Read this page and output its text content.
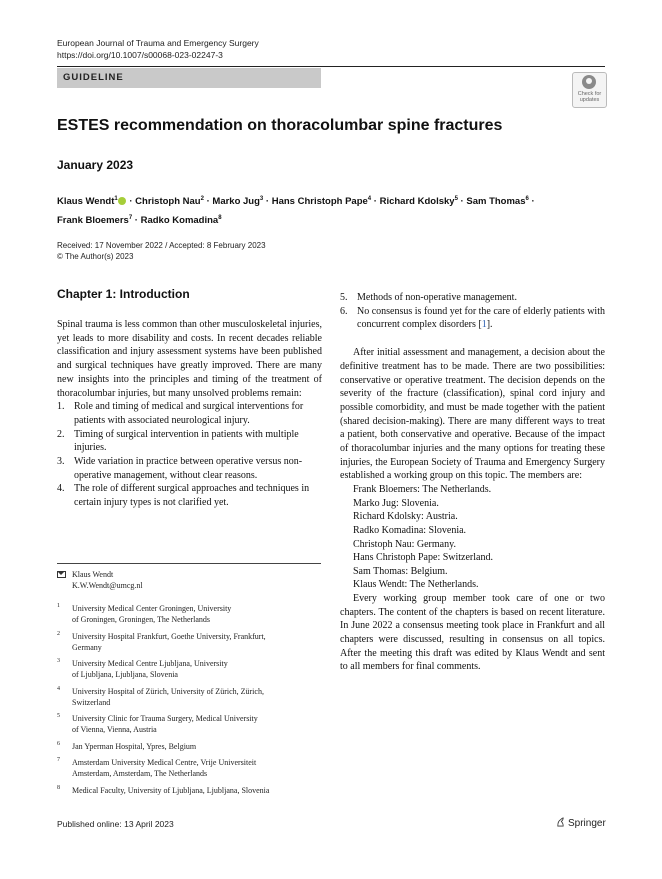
European Journal of Trauma and Emergency Surgery
https://doi.org/10.1007/s00068-023-02247-3
GUIDELINE
Check for
updates
ESTES recommendation on thoracolumbar spine fractures
January 2023
Klaus Wendt$^1$ · Christoph Nau$^2$ · Marko Jug$^3$ · Hans Christoph Pape$^4$ · Richard Kdolsky$^5$ · Sam Thomas$^6$ ·
Frank Bloemers$^7$ · Radko Komadina$^8$
Received: 17 November 2022 / Accepted: 8 February 2023
© The Author(s) 2023
Chapter 1: Introduction

Spinal trauma is less common than other musculoskeletal injuries, yet leads to more disability and costs. In recent decades reliable classification and injury assessment systems have been published and surgical techniques have greatly improved. There are many new insights into the principles and timing of the treatment of thoracolumbar injuries, but many unsolved problems remain:

1. Role and timing of medical and surgical interventions for patients with associated neurological injury.
2. Timing of surgical intervention in patients with multiple injuries.
3. Wide variation in practice between operative versus non-operative management, without clear reasons.
4. The role of different surgical approaches and techniques in certain injury types is not clarified yet.
5. Methods of non-operative management.
6. No consensus is found yet for the care of elderly patients with concurrent complex disorders [1].

After initial assessment and management, a decision about the definitive treatment has to be made. There are two possibilities: conservative or operative treatment. The decision depends on the severity of the fracture (classification), spinal cord injury and possible comorbidity, and must be made together with the patient (shared decision-making). There are many different ways to treat a patient, both conservative and operative. Because of the impact of thoracolumbar injuries and the many options for treating these injuries, the European Society of Trauma and Emergency Surgery established a working group on this topic. The members are:

Frank Bloemers: The Netherlands.
Marko Jug: Slovenia.
Richard Kdolsky: Austria.
Radko Komadina: Slovenia.
Christoph Nau: Germany.
Hans Christoph Pape: Switzerland.
Sam Thomas: Belgium.
Klaus Wendt: The Netherlands.

Every working group member took care of one or two chapters. The content of the chapters is based on recent literature. In June 2022 a consensus meeting took place in Frankfurt and all chapters were discussed, resulting in consensus on all topics. After the meeting this draft was edited by Klaus Wendt and sent to all members for final comments.

Klaus Wendt
K.W.Wendt@umcg.nl
1 University Medical Center Groningen, University
of Groningen, Groningen, The Netherlands
2 University Hospital Frankfurt, Goethe University, Frankfurt,
Germany
3 University Medical Centre Ljubljana, University
of Ljubljana, Ljubljana, Slovenia
4 University Hospital of Zürich, University of Zürich, Zürich,
Switzerland
5 University Clinic for Trauma Surgery, Medical University
of Vienna, Vienna, Austria
6 Jan Yperman Hospital, Ypres, Belgium
7 Amsterdam University Medical Centre, Vrije Universiteit
Amsterdam, Amsterdam, The Netherlands
8 Medical Faculty, University of Ljubljana, Ljubljana, Slovenia
Published online: 13 April 2023	Springer
